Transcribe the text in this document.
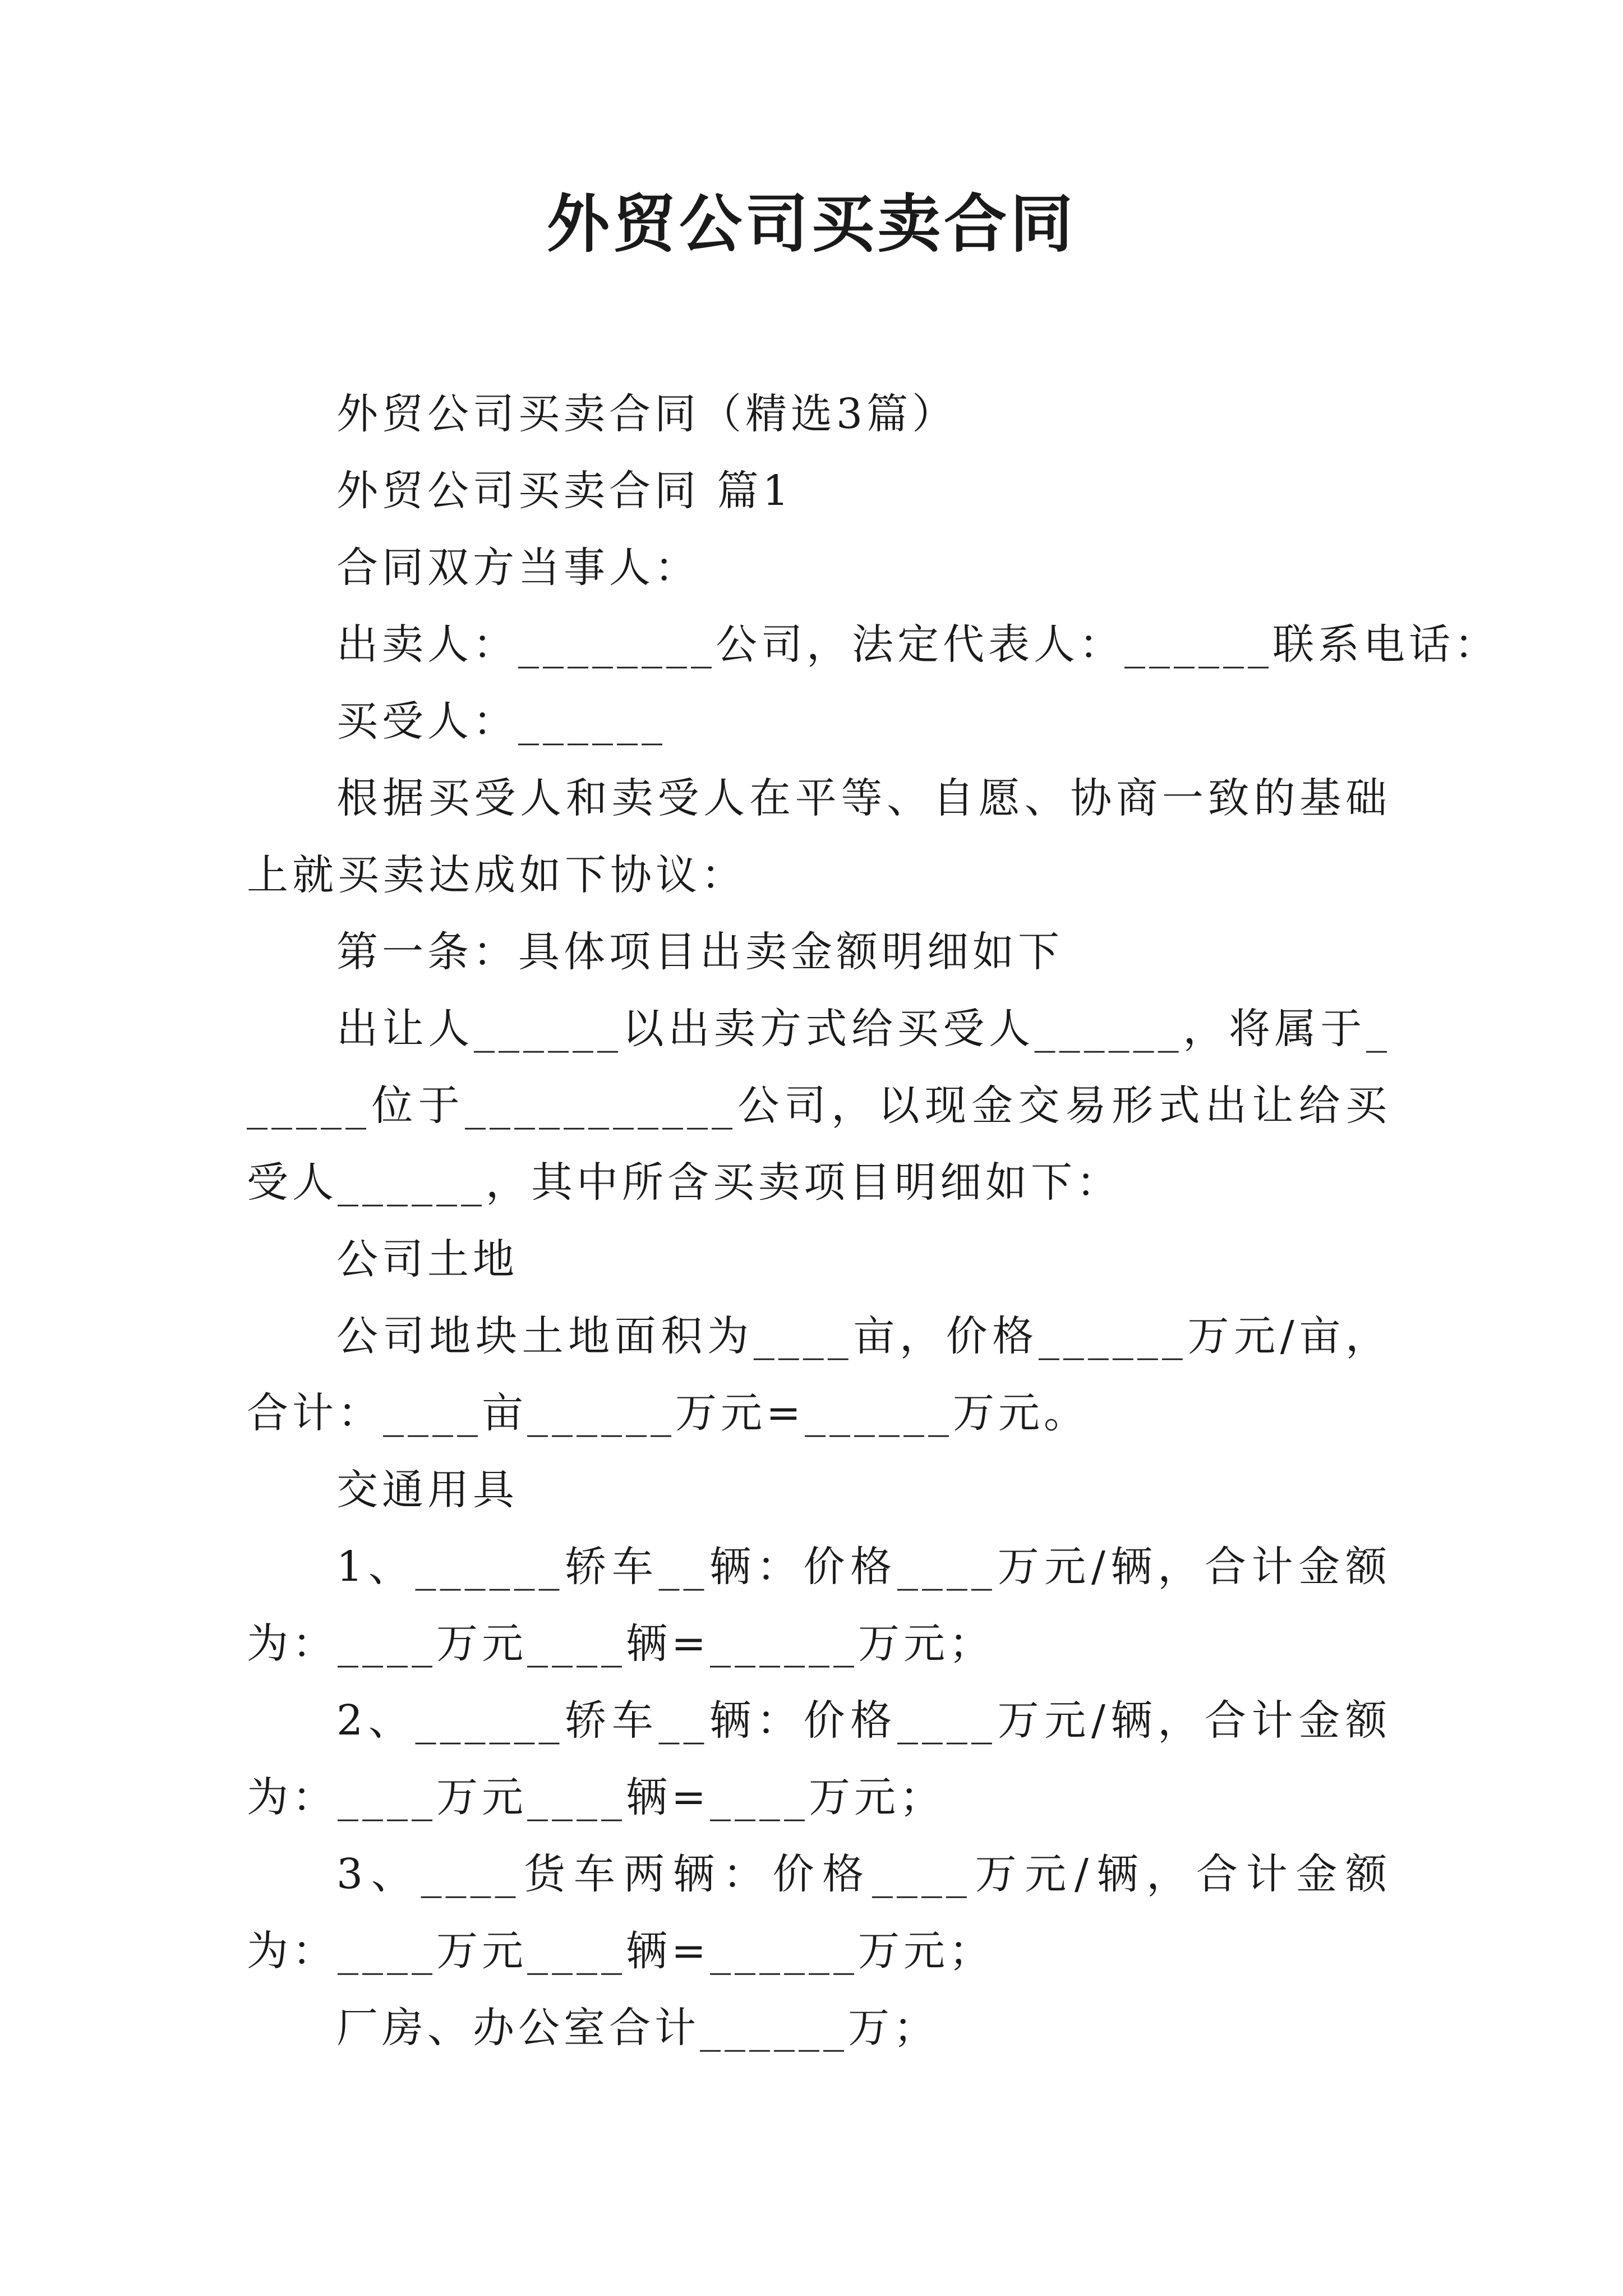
外贸公司买卖合同

外贸公司买卖合同（精选3篇）

外贸公司买卖合同 篇1

合同双方当事人：

出卖人：________公司，法定代表人：______联系电话：

买受人：______

根据买受人和卖受人在平等、自愿、协商一致的基础上就买卖达成如下协议：

第一条：具体项目出卖金额明细如下

出让人______以出卖方式给买受人______，将属于______位于___________公司，以现金交易形式出让给买受人______，其中所含买卖项目明细如下：

公司土地

公司地块土地面积为____亩，价格______万元/亩，合计：____亩______万元=______万元。

交通用具

1、______轿车__辆：价格____万元/辆，合计金额为：____万元____辆=______万元；

2、______轿车__辆：价格____万元/辆，合计金额为：____万元____辆=____万元；

3、____货车两辆：价格____万元/辆，合计金额为：____万元____辆=______万元；

厂房、办公室合计______万；
